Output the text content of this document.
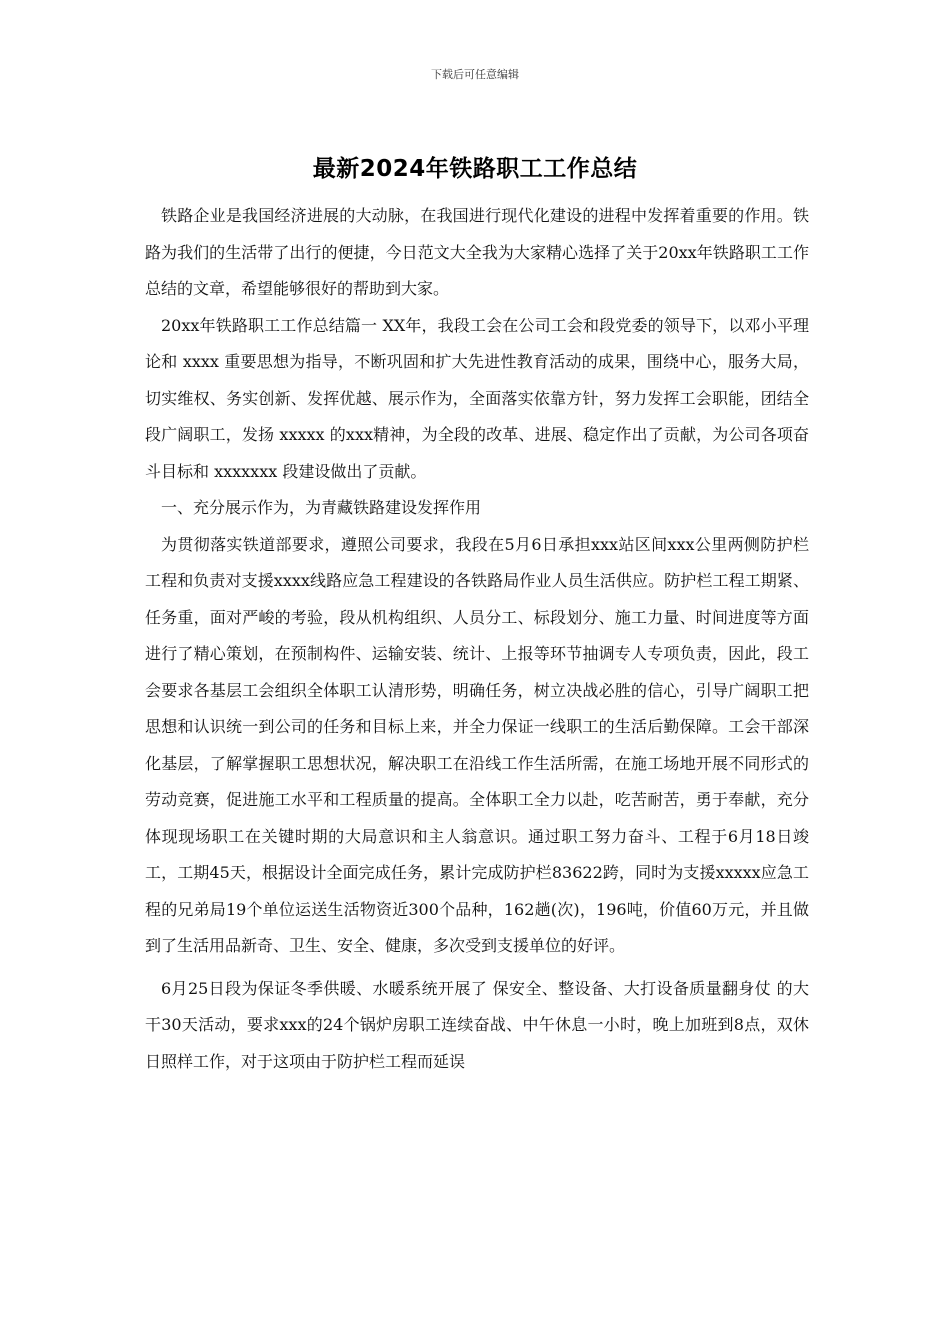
下载后可任意编辑
最新2024年铁路职工工作总结

铁路企业是我国经济进展的大动脉，在我国进行现代化建设的进程中发挥着重要的作用。铁路为我们的生活带了出行的便捷，今日范文大全我为大家精心选择了关于20xx年铁路职工工作总结的文章，希望能够很好的帮助到大家。

20xx年铁路职工工作总结篇一 XX年，我段工会在公司工会和段党委的领导下，以邓小平理论和 xxxx 重要思想为指导，不断巩固和扩大先进性教育活动的成果，围绕中心，服务大局，切实维权、务实创新、发挥优越、展示作为，全面落实依靠方针，努力发挥工会职能，团结全段广阔职工，发扬 xxxxx 的xxx精神，为全段的改革、进展、稳定作出了贡献，为公司各项奋斗目标和 xxxxxxx 段建设做出了贡献。

一、充分展示作为，为青藏铁路建设发挥作用

为贯彻落实铁道部要求，遵照公司要求，我段在5月6日承担xxx站区间xxx公里两侧防护栏工程和负责对支援xxxx线路应急工程建设的各铁路局作业人员生活供应。防护栏工程工期紧、任务重，面对严峻的考验，段从机构组织、人员分工、标段划分、施工力量、时间进度等方面进行了精心策划，在预制构件、运输安装、统计、上报等环节抽调专人专项负责，因此，段工会要求各基层工会组织全体职工认清形势，明确任务，树立决战必胜的信心，引导广阔职工把思想和认识统一到公司的任务和目标上来，并全力保证一线职工的生活后勤保障。工会干部深化基层，了解掌握职工思想状况，解决职工在沿线工作生活所需，在施工场地开展不同形式的劳动竞赛，促进施工水平和工程质量的提高。全体职工全力以赴，吃苦耐苦，勇于奉献，充分体现现场职工在关键时期的大局意识和主人翁意识。通过职工努力奋斗、工程于6月18日竣工，工期45天，根据设计全面完成任务，累计完成防护栏83622跨，同时为支援xxxxx应急工程的兄弟局19个单位运送生活物资近300个品种，162趟(次)，196吨，价值60万元，并且做到了生活用品新奇、卫生、安全、健康，多次受到支援单位的好评。

6月25日段为保证冬季供暖、水暖系统开展了 保安全、整设备、大打设备质量翻身仗 的大干30天活动，要求xxx的24个锅炉房职工连续奋战、中午休息一小时，晚上加班到8点，双休日照样工作，对于这项由于防护栏工程而延误
